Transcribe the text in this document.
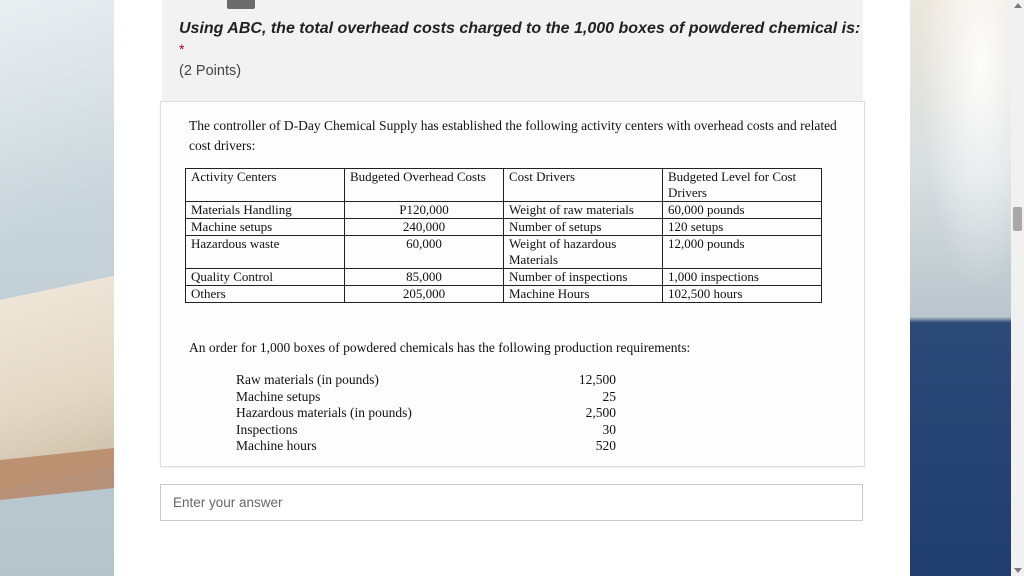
Using ABC, the total overhead costs charged to the 1,000 boxes of powdered chemical is:
*
(2 Points)
The controller of D-Day Chemical Supply has established the following activity centers with overhead costs and related cost drivers:
Activity Centers	Budgeted Overhead Costs	Cost Drivers	Budgeted Level for Cost Drivers
Materials Handling	P120,000	Weight of raw materials	60,000 pounds
Machine setups	240,000	Number of setups	120 setups
Hazardous waste	60,000	Weight of hazardous Materials	12,000 pounds
Quality Control	85,000	Number of inspections	1,000 inspections
Others	205,000	Machine Hours	102,500 hours
An order for 1,000 boxes of powdered chemicals has the following production requirements:
Raw materials (in pounds)	12,500
Machine setups	25
Hazardous materials (in pounds)	2,500
Inspections	30
Machine hours	520
Enter your answer
